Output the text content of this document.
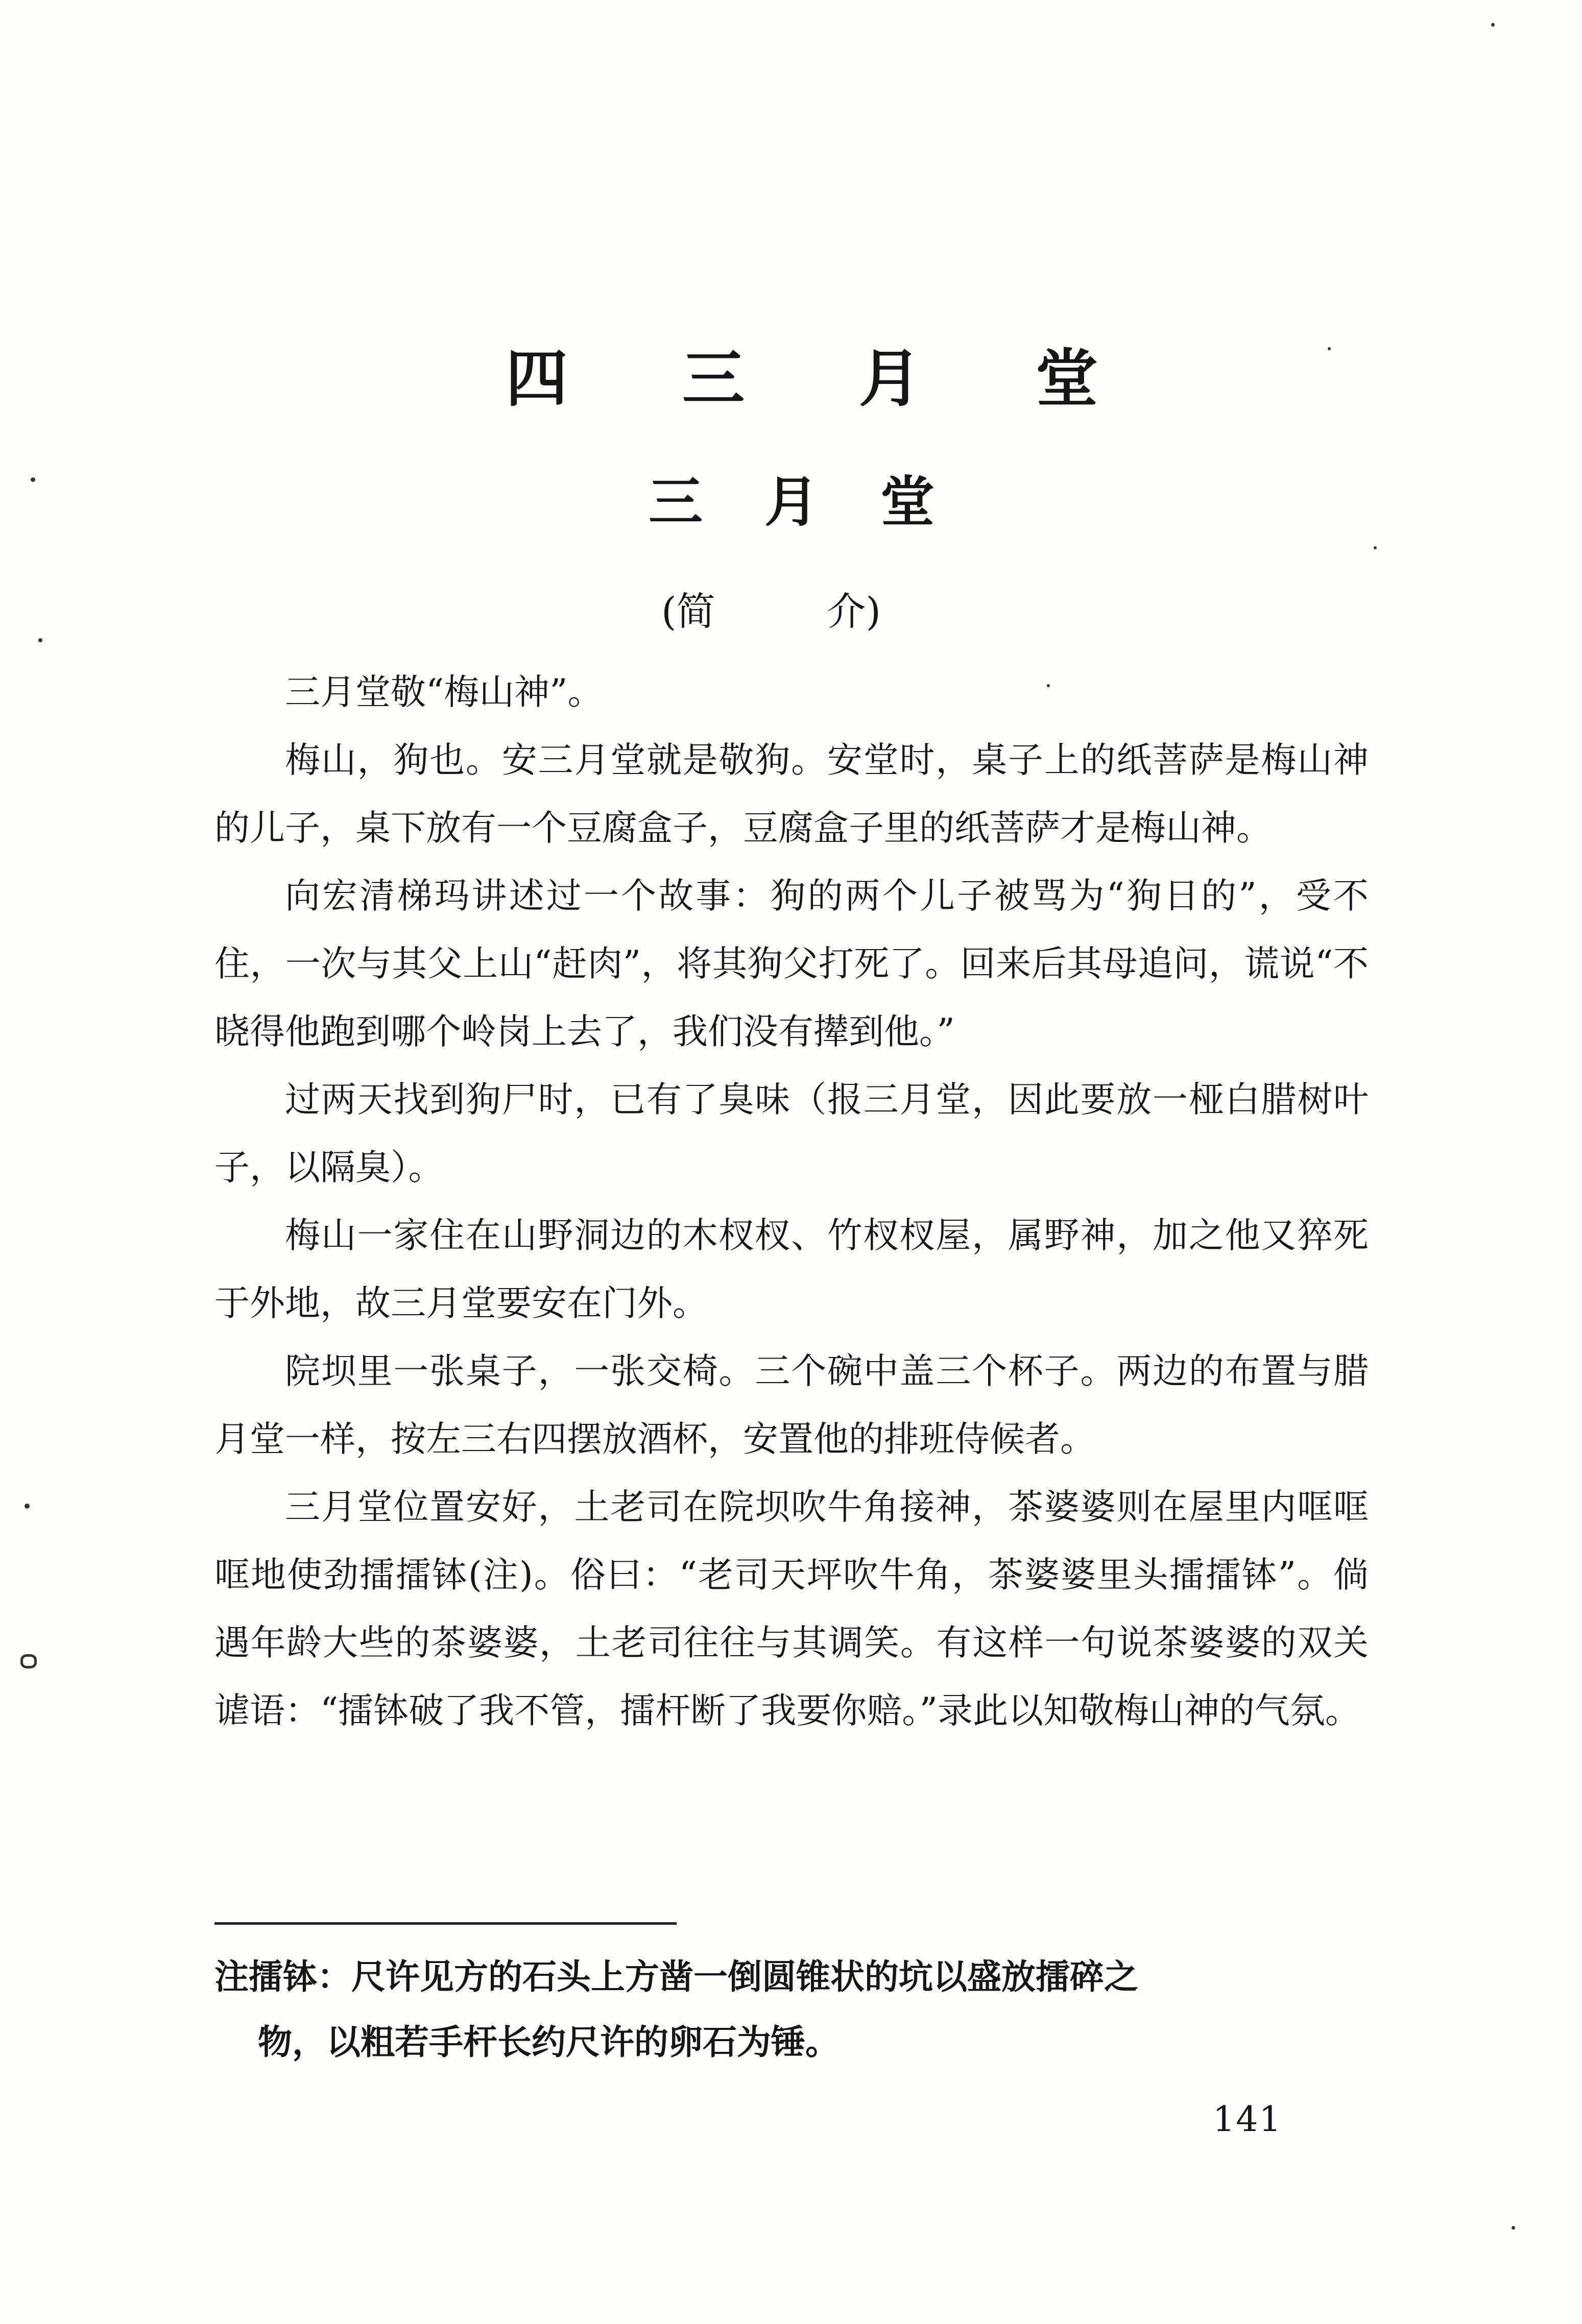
四 三 月 堂
三 月 堂
(简	介)

三月堂敬“梅山神”。

梅山，狗也。安三月堂就是敬狗。安堂时，桌子上的纸菩萨是梅山神的儿子，桌下放有一个豆腐盒子，豆腐盒子里的纸菩萨才是梅山神。

向宏清梯玛讲述过一个故事：狗的两个儿子被骂为“狗日的”，受不住，一次与其父上山“赶肉”，将其狗父打死了。回来后其母追问，谎说“不晓得他跑到哪个岭岗上去了，我们没有撵到他。”

过两天找到狗尸时，已有了臭味（报三月堂，因此要放一桠白腊树叶子，以隔臭）。

梅山一家住在山野洞边的木杈杈、竹杈杈屋，属野神，加之他又猝死于外地，故三月堂要安在门外。

院坝里一张桌子，一张交椅。三个碗中盖三个杯子。两边的布置与腊月堂一样，按左三右四摆放酒杯，安置他的排班侍候者。

三月堂位置安好，土老司在院坝吹牛角接神，茶婆婆则在屋里内哐哐哐地使劲擂擂钵(注)。俗曰：“老司天坪吹牛角，茶婆婆里头擂擂钵”。倘遇年龄大些的茶婆婆，土老司往往与其调笑。有这样一句说茶婆婆的双关谑语：“擂钵破了我不管，擂杆断了我要你赔。”录此以知敬梅山神的气氛。

注擂钵：尺许见方的石头上方凿一倒圆锥状的坑以盛放擂碎之
物，以粗若手杆长约尺许的卵石为锤。
141
